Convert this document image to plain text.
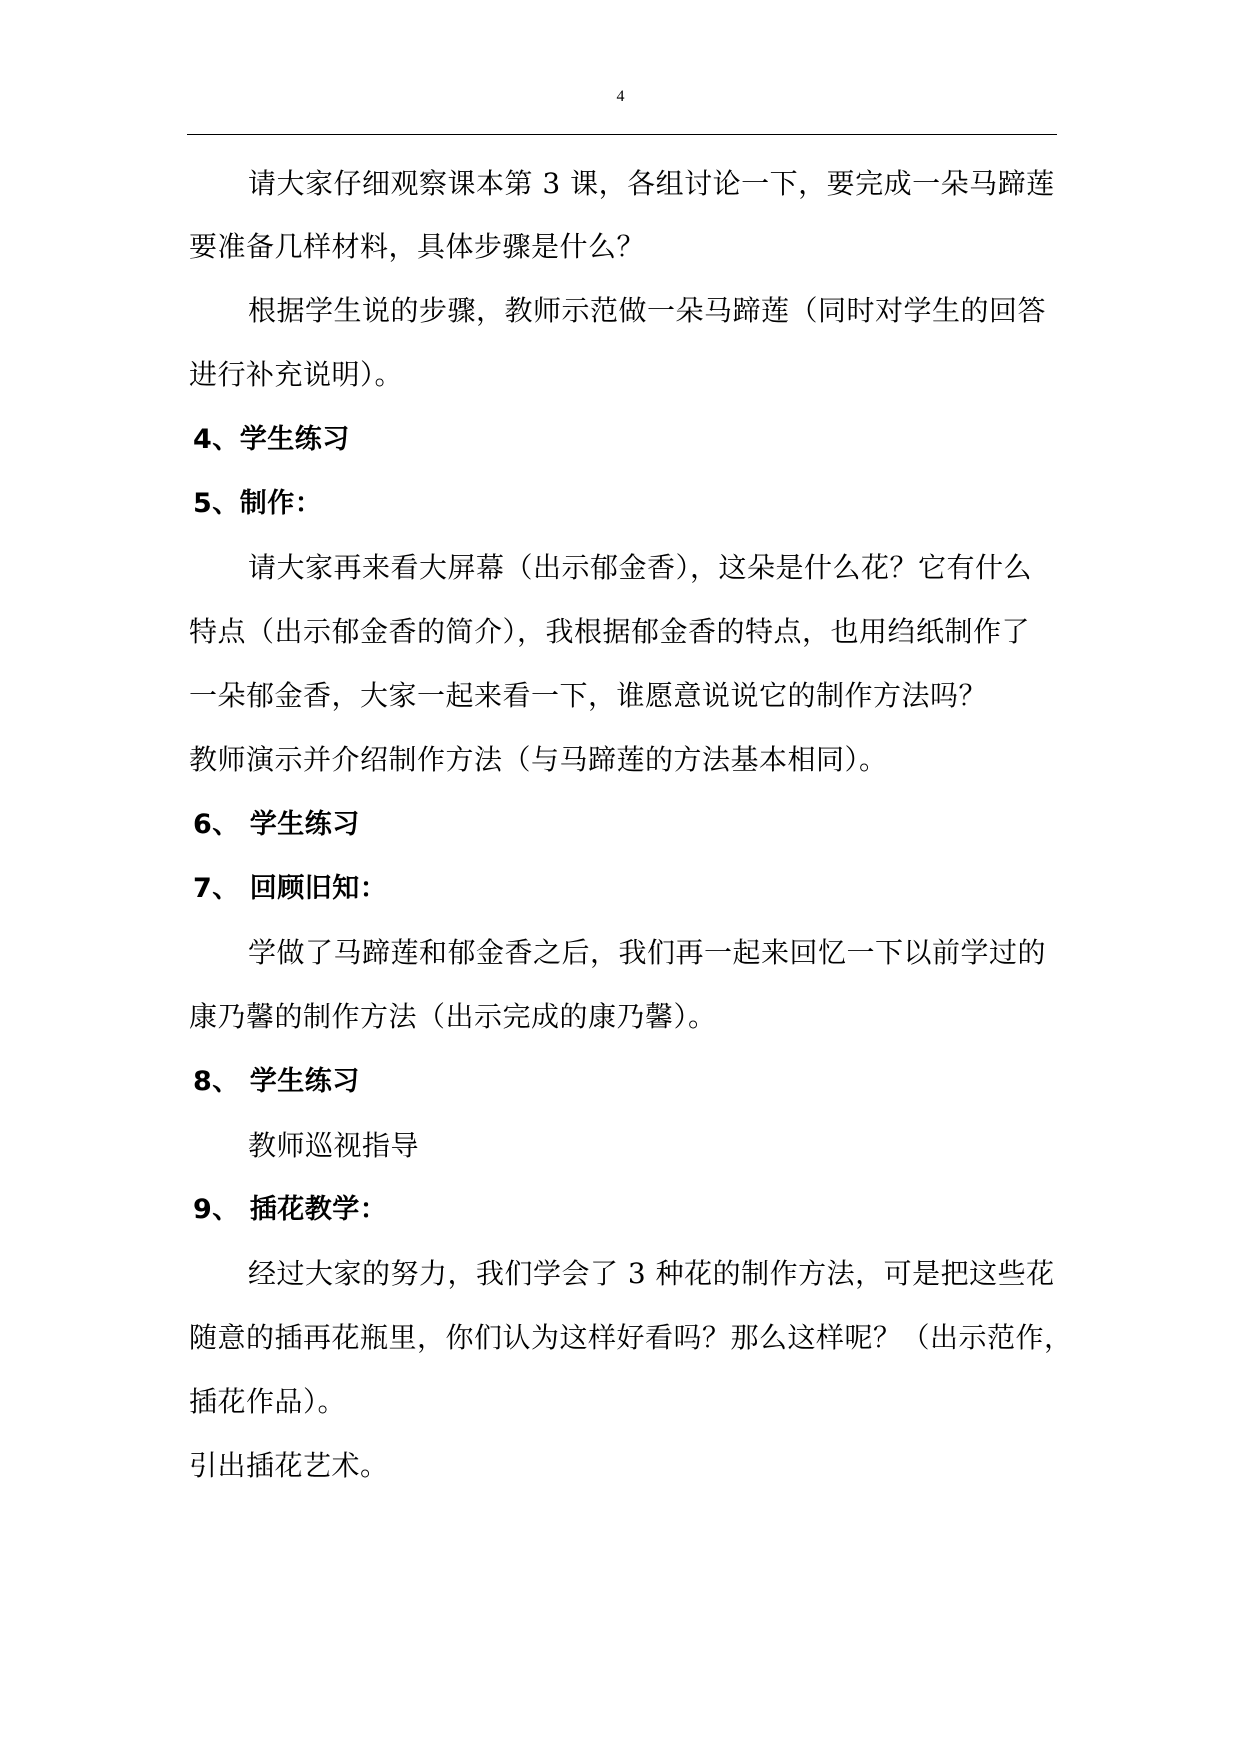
4
请大家仔细观察课本第 3 课，各组讨论一下，要完成一朵马蹄莲
要准备几样材料，具体步骤是什么？
根据学生说的步骤，教师示范做一朵马蹄莲（同时对学生的回答
进行补充说明）。
4、学生练习
5、制作：
请大家再来看大屏幕（出示郁金香），这朵是什么花？它有什么
特点（出示郁金香的简介），我根据郁金香的特点，也用绉纸制作了
一朵郁金香，大家一起来看一下，谁愿意说说它的制作方法吗？
教师演示并介绍制作方法（与马蹄莲的方法基本相同）。
6、 学生练习
7、 回顾旧知：
学做了马蹄莲和郁金香之后，我们再一起来回忆一下以前学过的
康乃馨的制作方法（出示完成的康乃馨）。
8、 学生练习
教师巡视指导
9、 插花教学：
经过大家的努力，我们学会了 3 种花的制作方法，可是把这些花
随意的插再花瓶里，你们认为这样好看吗？那么这样呢？（出示范作，
插花作品）。
引出插花艺术。
